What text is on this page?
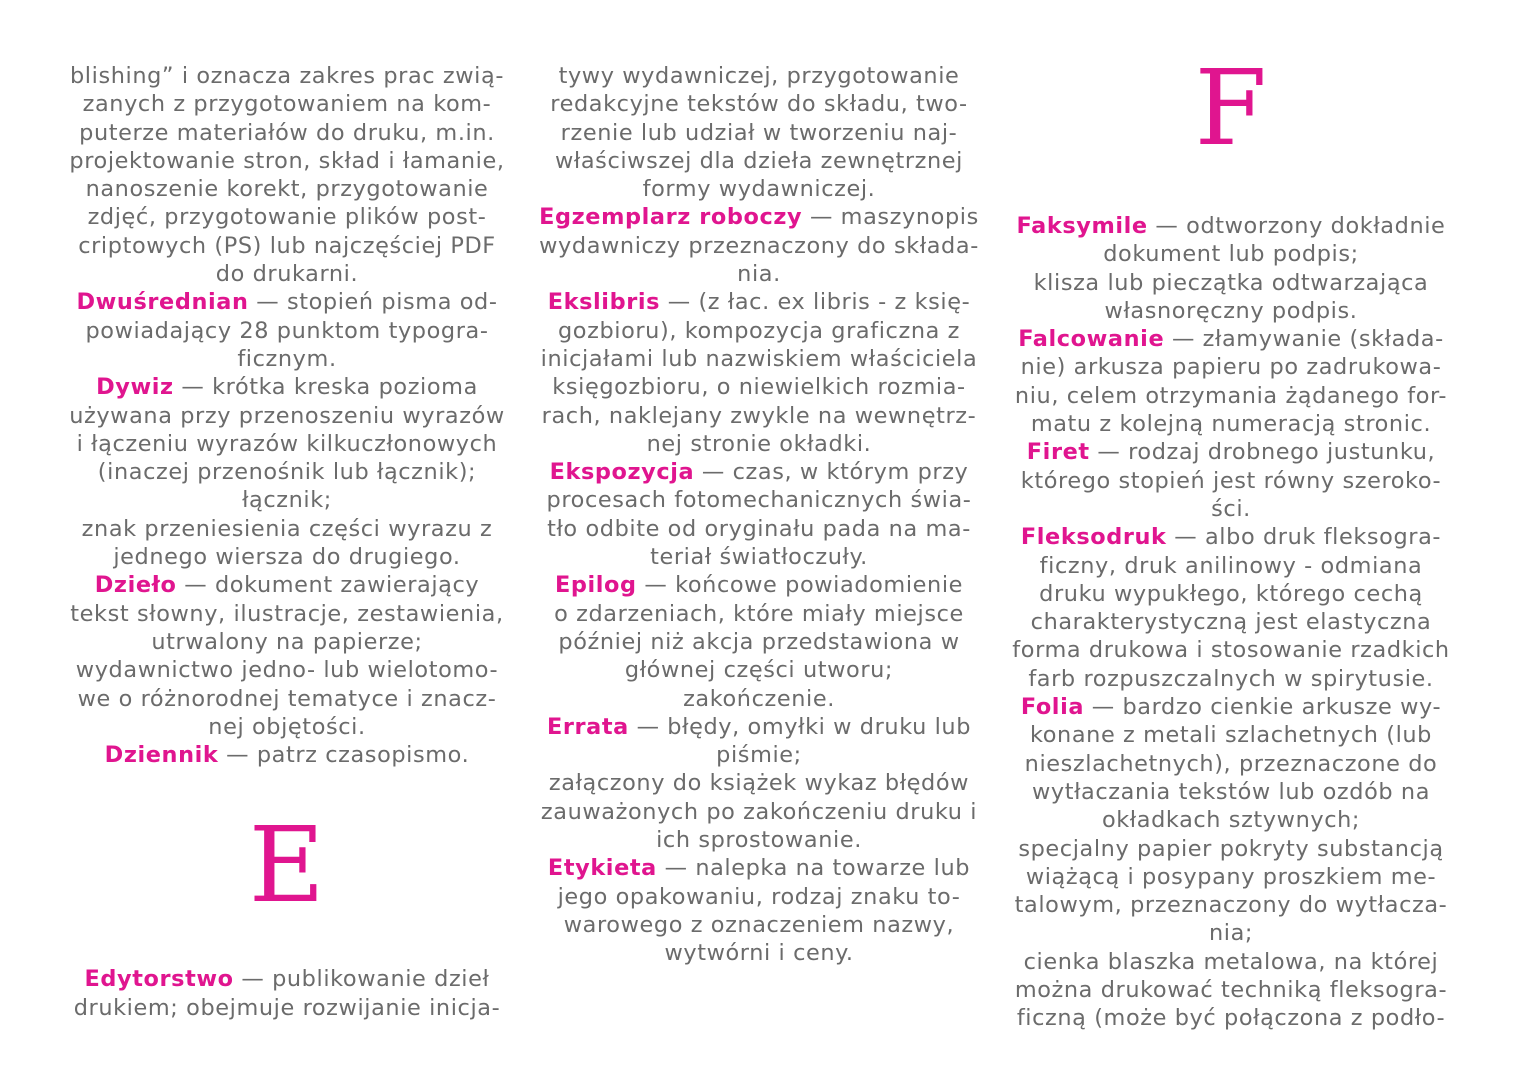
blishing” i oznacza zakres prac zwią-
zanych z przygotowaniem na kom-
puterze materiałów do druku, m.in.
projektowanie stron, skład i łamanie,
nanoszenie korekt, przygotowanie
zdjęć, przygotowanie plików post-
criptowych (PS) lub najczęściej PDF
do drukarni.
Dwuśrednian — stopień pisma od-
powiadający 28 punktom typogra-
ficznym.
Dywiz — krótka kreska pozioma
używana przy przenoszeniu wyrazów
i łączeniu wyrazów kilkuczłonowych
(inaczej przenośnik lub łącznik);
łącznik;
znak przeniesienia części wyrazu z
jednego wiersza do drugiego.
Dzieło — dokument zawierający
tekst słowny, ilustracje, zestawienia,
utrwalony na papierze;
wydawnictwo jedno- lub wielotomo-
we o różnorodnej tematyce i znacz-
nej objętości.
Dziennik — patrz czasopismo.
E
Edytorstwo — publikowanie dzieł
drukiem; obejmuje rozwijanie inicja-
tywy wydawniczej, przygotowanie
redakcyjne tekstów do składu, two-
rzenie lub udział w tworzeniu naj-
właściwszej dla dzieła zewnętrznej
formy wydawniczej.
Egzemplarz roboczy — maszynopis
wydawniczy przeznaczony do składa-
nia.
Ekslibris — (z łac. ex libris - z księ-
gozbioru), kompozycja graficzna z
inicjałami lub nazwiskiem właściciela
księgozbioru, o niewielkich rozmia-
rach, naklejany zwykle na wewnętrz-
nej stronie okładki.
Ekspozycja — czas, w którym przy
procesach fotomechanicznych świa-
tło odbite od oryginału pada na ma-
teriał światłoczuły.
Epilog — końcowe powiadomienie
o zdarzeniach, które miały miejsce
później niż akcja przedstawiona w
głównej części utworu;
zakończenie.
Errata — błędy, omyłki w druku lub
piśmie;
załączony do książek wykaz błędów
zauważonych po zakończeniu druku i
ich sprostowanie.
Etykieta — nalepka na towarze lub
jego opakowaniu, rodzaj znaku to-
warowego z oznaczeniem nazwy,
wytwórni i ceny.
F
Faksymile — odtworzony dokładnie
dokument lub podpis;
klisza lub pieczątka odtwarzająca
własnoręczny podpis.
Falcowanie — złamywanie (składa-
nie) arkusza papieru po zadrukowa-
niu, celem otrzymania żądanego for-
matu z kolejną numeracją stronic.
Firet — rodzaj drobnego justunku,
którego stopień jest równy szeroko-
ści.
Fleksodruk — albo druk fleksogra-
ficzny, druk anilinowy - odmiana
druku wypukłego, którego cechą
charakterystyczną jest elastyczna
forma drukowa i stosowanie rzadkich
farb rozpuszczalnych w spirytusie.
Folia — bardzo cienkie arkusze wy-
konane z metali szlachetnych (lub
nieszlachetnych), przeznaczone do
wytłaczania tekstów lub ozdób na
okładkach sztywnych;
specjalny papier pokryty substancją
wiążącą i posypany proszkiem me-
talowym, przeznaczony do wytłacza-
nia;
cienka blaszka metalowa, na której
można drukować techniką fleksogra-
ficzną (może być połączona z podło-
